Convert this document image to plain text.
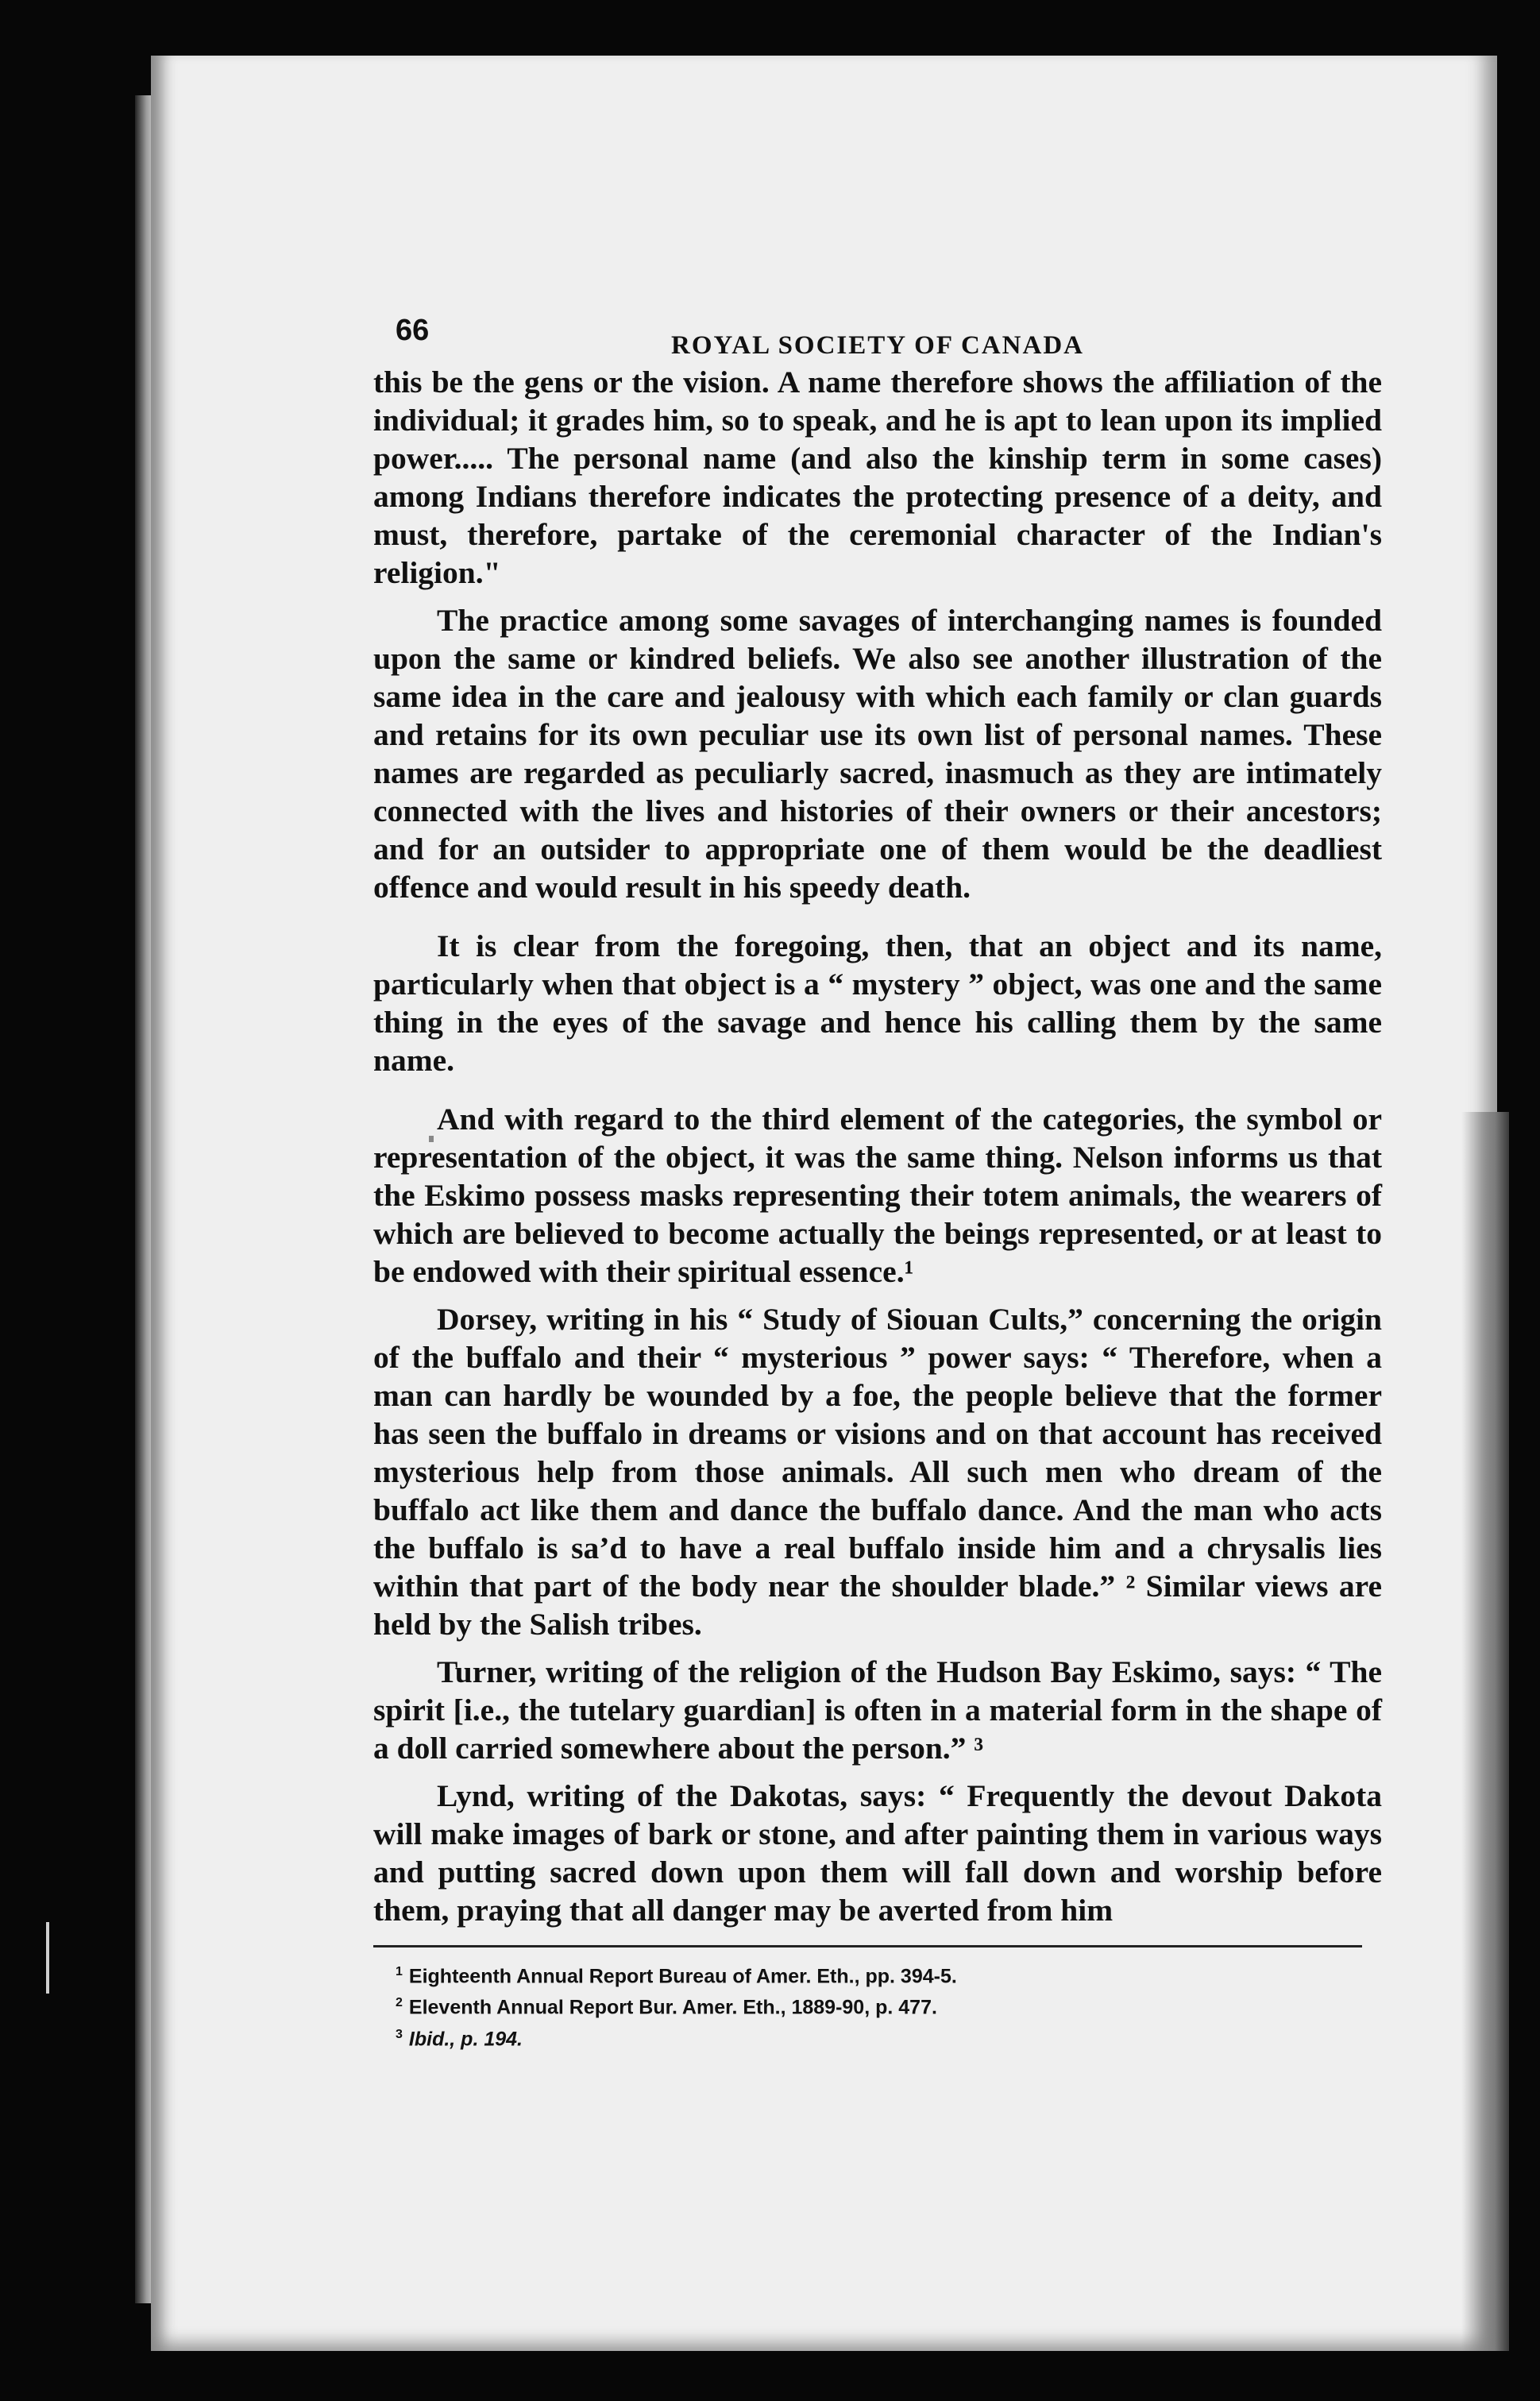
66	ROYAL SOCIETY OF CANADA

this be the gens or the vision. A name therefore shows the affiliation of the individual; it grades him, so to speak, and he is apt to lean upon its implied power..... The personal name (and also the kinship term in some cases) among Indians therefore indicates the protecting presence of a deity, and must, therefore, partake of the ceremonial character of the Indian's religion."

The practice among some savages of interchanging names is founded upon the same or kindred beliefs. We also see another illustration of the same idea in the care and jealousy with which each family or clan guards and retains for its own peculiar use its own list of personal names. These names are regarded as peculiarly sacred, inasmuch as they are intimately connected with the lives and histories of their owners or their ancestors; and for an outsider to appropriate one of them would be the deadliest offence and would result in his speedy death.

It is clear from the foregoing, then, that an object and its name, particularly when that object is a “ mystery ” object, was one and the same thing in the eyes of the savage and hence his calling them by the same name.

And with regard to the third element of the categories, the symbol or representation of the object, it was the same thing. Nelson informs us that the Eskimo possess masks representing their totem animals, the wearers of which are believed to become actually the beings represented, or at least to be endowed with their spiritual essence.¹

Dorsey, writing in his “ Study of Siouan Cults,” concerning the origin of the buffalo and their “ mysterious ” power says: “ Therefore, when a man can hardly be wounded by a foe, the people believe that the former has seen the buffalo in dreams or visions and on that account has received mysterious help from those animals. All such men who dream of the buffalo act like them and dance the buffalo dance. And the man who acts the buffalo is sa’d to have a real buffalo inside him and a chrysalis lies within that part of the body near the shoulder blade.” ² Similar views are held by the Salish tribes.

Turner, writing of the religion of the Hudson Bay Eskimo, says: “ The spirit [i.e., the tutelary guardian] is often in a material form in the shape of a doll carried somewhere about the person.” ³

Lynd, writing of the Dakotas, says: “ Frequently the devout Dakota will make images of bark or stone, and after painting them in various ways and putting sacred down upon them will fall down and worship before them, praying that all danger may be averted from him

$^1$ Eighteenth Annual Report Bureau of Amer. Eth., pp. 394-5.
$^2$ Eleventh Annual Report Bur. Amer. Eth., 1889-90, p. 477.
$^3$ Ibid., p. 194.
